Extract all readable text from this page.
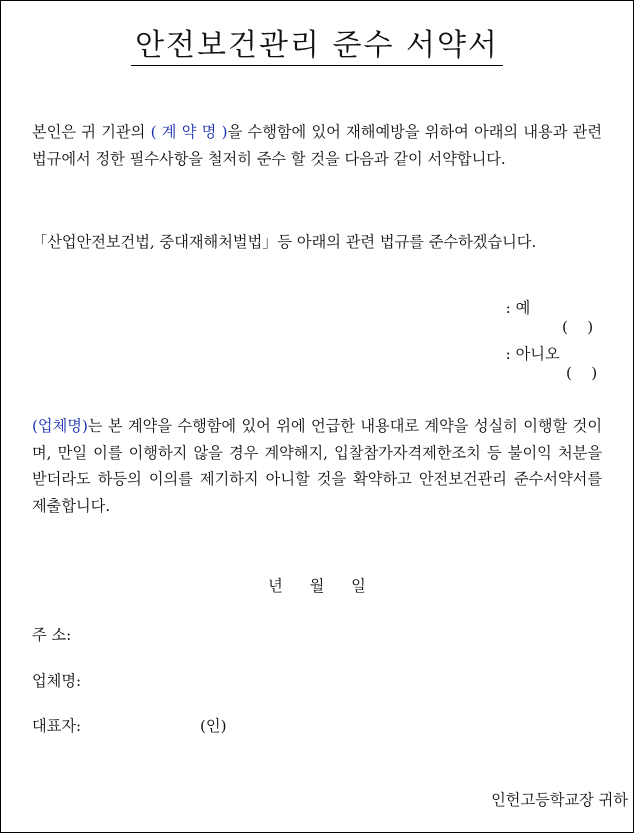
안전보건관리 준수 서약서
본인은 귀 기관의 ( 계 약 명 )을 수행함에 있어 재해예방을 위하여 아래의 내용과 관련 법규에서 정한 필수사항을 철저히 준수 할 것을 다음과 같이 서약합니다.
「산업안전보건법, 중대재해처벌법」등 아래의 관련 법규를 준수하겠습니다.

: 예

(    )

: 아니오

(    )

(업체명)는 본 계약을 수행함에 있어 위에 언급한 내용대로 계약을 성실히 이행할 것이며, 만일 이를 이행하지 않을 경우 계약해지, 입찰참가자격제한조치 등 불이익 처분을 받더라도 하등의 이의를 제기하지 아니할 것을 확약하고 안전보건관리 준수서약서를 제출합니다.
년 월 일
주 소:
업체명:
대표자:	(인)
인헌고등학교장 귀하
